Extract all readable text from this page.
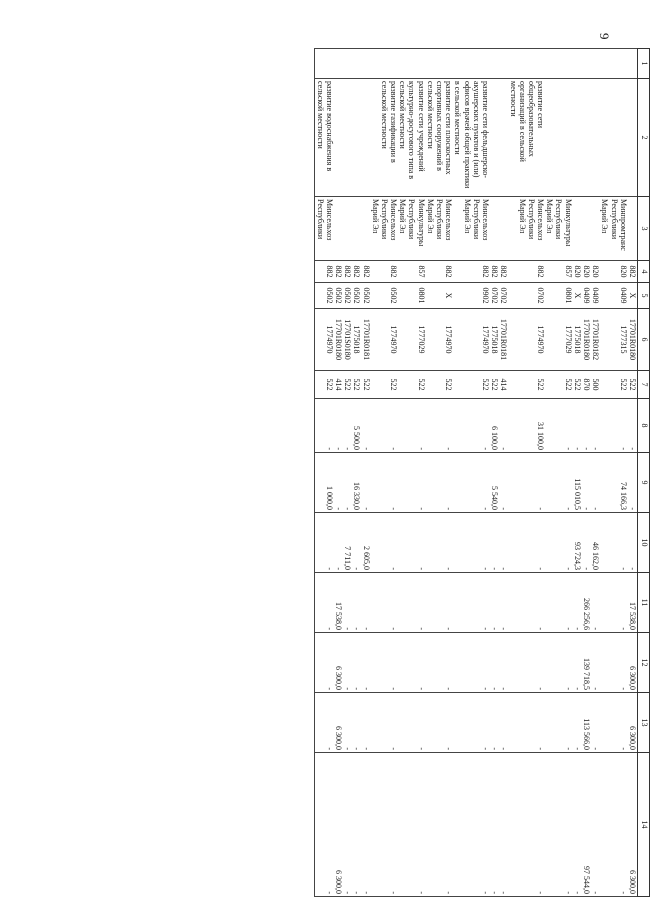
9
1	2	3	4	5	6	7	8	9	10	11	12	13	14
			882	X	17701R0180	522	-	-	-	17 538,0	6 300,0	6 300,0	6 300,0
		Минпромтранс Республики Марий Эл	820	0409	1777315	522	-	74 166,3	-	-	-	-	-
			820	0409	17701R0182	500	-	-	46 162,0	-	-	-	-
			820	0409	17701R0180	870	-	-	-	266 256,6	139 718,5	113 566,0	97 544,0
			820	X	1775018	522	-	115 010,5	93 724,3	-	-	-	-
		Минкультуры Республики Марий Эл	857	0801	1777029	522	-	-	-	-	-	-	-
	развитие сети общеобразовательных организаций в сельской местности	Минсельхоз Республики Марий Эл	882	0702	1774970	522	31 100,0	-	-	-	-	-	-
			882	0702	17701R0181	414	-	-	-	-	-	-	-
			882	0702	1775018	522	6 100,0	5 540,0	-	-	-	-	-
	развитие сети фельдшерско-акушерских пунктов и (или) офисов врачей общей практики в сельской местности	Минсельхоз Республики Марий Эл	882	0902	1774970	522	-	-	-	-	-	-	-
	развитие сети плоскостных спортивных сооружений в сельской местности	Минсельхоз Республики Марий Эл	882	X	1774970	522	-	-	-	-	-	-	-
	развитие сети учреждений культурно-досугового типа в сельской местности	Минкультуры Республики Марий Эл	857	0801	1777029	522	-	-	-	-	-	-	-
	развитие газификации в сельской местности	Минсельхоз Республики Марий Эл	882	0502	1774970	522	-	-	-	-	-	-	-
			882	0502	17701R0181	522	-	-	2 605,0	-	-	-	-
			882	0502	1775018	522	5 500,0	16 330,0	-	-	-	-	-
			882	0502	17701S0180	522	-	-	7 711,0	-	-	-	-
			882	0502	17701R0180	414	-	-	-	17 538,0	6 300,0	6 300,0	6 300,0
	развитие водоснабжения в сельской местности	Минсельхоз Республики	882	0502	1774970	522	-	1 000,0	-	-	-	-	-
